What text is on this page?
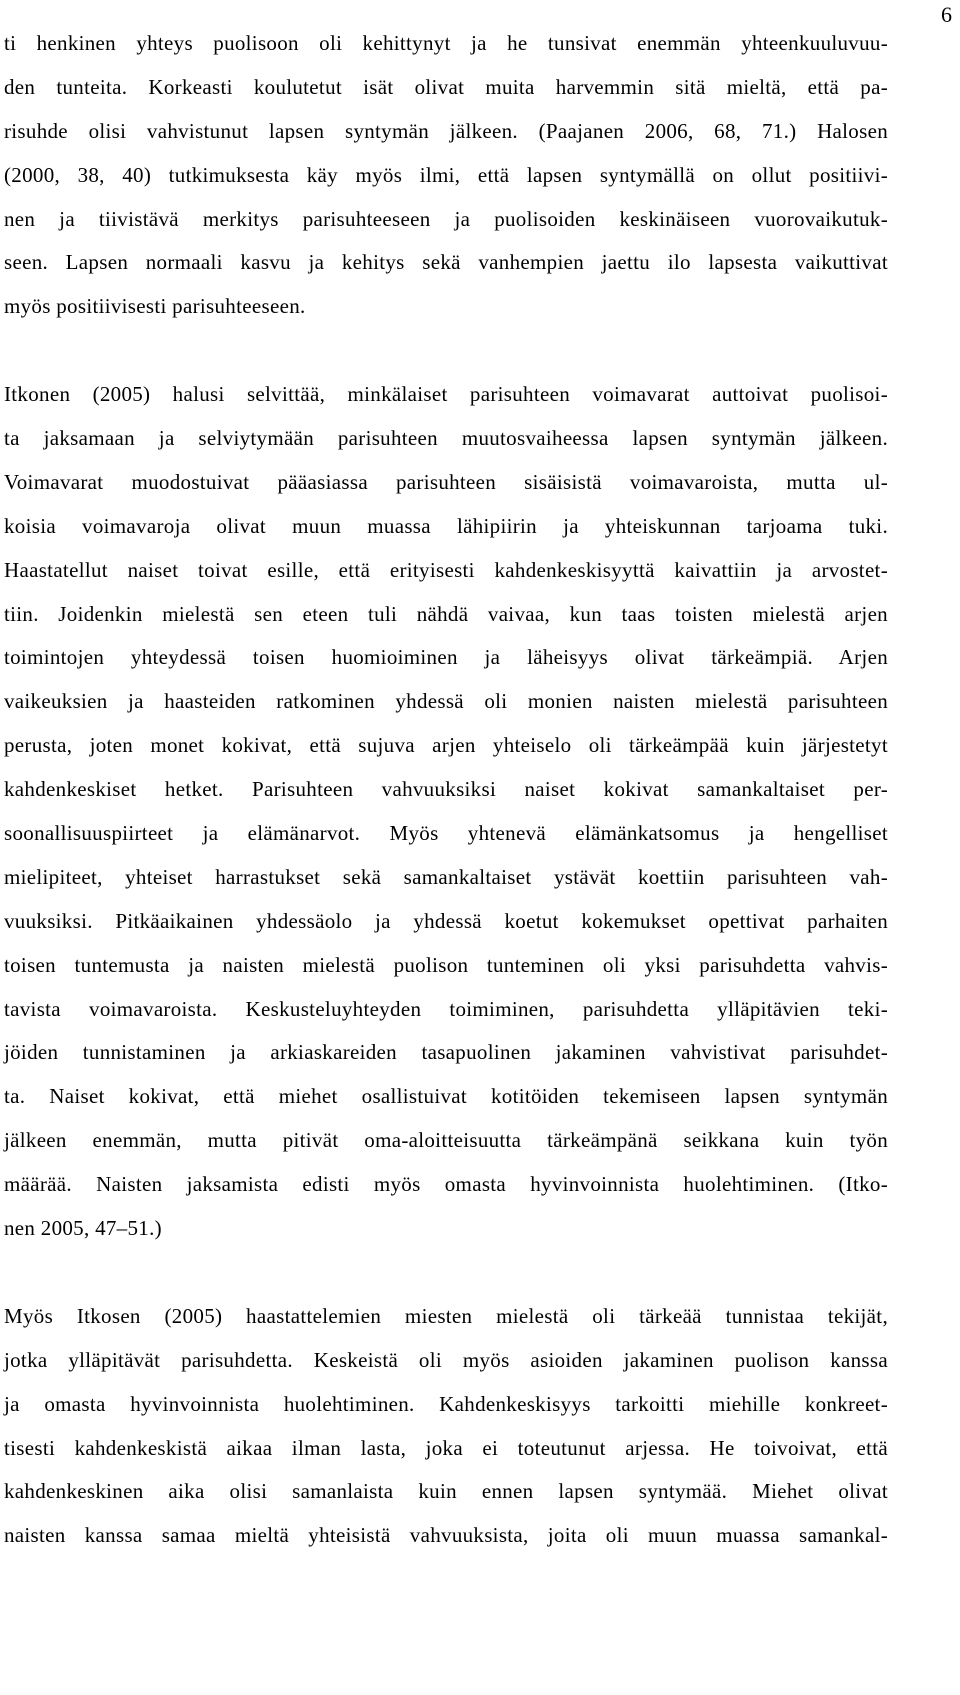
6
ti henkinen yhteys puolisoon oli kehittynyt ja he tunsivat enemmän yhteenkuuluvuu-
den tunteita. Korkeasti koulutetut isät olivat muita harvemmin sitä mieltä, että pa-
risuhde olisi vahvistunut lapsen syntymän jälkeen. (Paajanen 2006, 68, 71.) Halosen
(2000, 38, 40) tutkimuksesta käy myös ilmi, että lapsen syntymällä on ollut positiivi-
nen ja tiivistävä merkitys parisuhteeseen ja puolisoiden keskinäiseen vuorovaikutuk-
seen. Lapsen normaali kasvu ja kehitys sekä vanhempien jaettu ilo lapsesta vaikuttivat
myös positiivisesti parisuhteeseen.
Itkonen (2005) halusi selvittää, minkälaiset parisuhteen voimavarat auttoivat puolisoi-
ta jaksamaan ja selviytymään parisuhteen muutosvaiheessa lapsen syntymän jälkeen.
Voimavarat muodostuivat pääasiassa parisuhteen sisäisistä voimavaroista, mutta ul-
koisia voimavaroja olivat muun muassa lähipiirin ja yhteiskunnan tarjoama tuki.
Haastatellut naiset toivat esille, että erityisesti kahdenkeskisyyttä kaivattiin ja arvostet-
tiin. Joidenkin mielestä sen eteen tuli nähdä vaivaa, kun taas toisten mielestä arjen
toimintojen yhteydessä toisen huomioiminen ja läheisyys olivat tärkeämpiä. Arjen
vaikeuksien ja haasteiden ratkominen yhdessä oli monien naisten mielestä parisuhteen
perusta, joten monet kokivat, että sujuva arjen yhteiselo oli tärkeämpää kuin järjestetyt
kahdenkeskiset hetket. Parisuhteen vahvuuksiksi naiset kokivat samankaltaiset per-
soonallisuuspiirteet ja elämänarvot. Myös yhtenevä elämänkatsomus ja hengelliset
mielipiteet, yhteiset harrastukset sekä samankaltaiset ystävät koettiin parisuhteen vah-
vuuksiksi. Pitkäaikainen yhdessäolo ja yhdessä koetut kokemukset opettivat parhaiten
toisen tuntemusta ja naisten mielestä puolison tunteminen oli yksi parisuhdetta vahvis-
tavista voimavaroista. Keskusteluyhteyden toimiminen, parisuhdetta ylläpitävien teki-
jöiden tunnistaminen ja arkiaskareiden tasapuolinen jakaminen vahvistivat parisuhdet-
ta. Naiset kokivat, että miehet osallistuivat kotitöiden tekemiseen lapsen syntymän
jälkeen enemmän, mutta pitivät oma-aloitteisuutta tärkeämpänä seikkana kuin työn
määrää. Naisten jaksamista edisti myös omasta hyvinvoinnista huolehtiminen. (Itko-
nen 2005, 47–51.)
Myös Itkosen (2005) haastattelemien miesten mielestä oli tärkeää tunnistaa tekijät,
jotka ylläpitävät parisuhdetta. Keskeistä oli myös asioiden jakaminen puolison kanssa
ja omasta hyvinvoinnista huolehtiminen. Kahdenkeskisyys tarkoitti miehille konkreet-
tisesti kahdenkeskistä aikaa ilman lasta, joka ei toteutunut arjessa. He toivoivat, että
kahdenkeskinen aika olisi samanlaista kuin ennen lapsen syntymää. Miehet olivat
naisten kanssa samaa mieltä yhteisistä vahvuuksista, joita oli muun muassa samankal-
